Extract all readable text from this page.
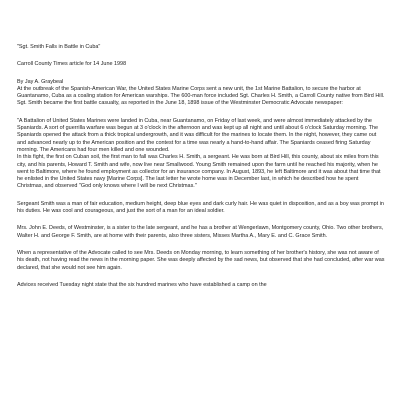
"Sgt. Smith Falls in Battle in Cuba"

Carroll County Times article for 14 June 1998

By Jay A. Graybeal

At the outbreak of the Spanish-American War, the United States Marine Corps sent a new unit, the 1st Marine Battalion, to secure the harbor at Guantanamo, Cuba as a coaling station for American warships. The 600-man force included Sgt. Charles H. Smith, a Carroll County native from Bird Hill. Sgt. Smith became the first battle casualty, as reported in the June 18, 1898 issue of the Westminster Democratic Advocate newspaper:

"A Battalion of United States Marines were landed in Cuba, near Guantanamo, on Friday of last week, and were almost immediately attacked by the Spaniards. A sort of guerrilla warfare was begun at 3 o'clock in the afternoon and was kept up all night and until about 6 o'clock Saturday morning. The Spaniards opened the attack from a thick tropical undergrowth, and it was difficult for the marines to locate them. In the night, however, they came out and advanced nearly up to the American position and the contest for a time was nearly a hand-to-hand affair. The Spaniards ceased firing Saturday morning. The Americans had four men killed and one wounded.

In this fight, the first on Cuban soil, the first man to fall was Charles H. Smith, a sergeant. He was born at Bird Hill, this county, about six miles from this city, and his parents, Howard T. Smith and wife, now live near Smallwood. Young Smith remained upon the farm until he reached his majority, when he went to Baltimore, where he found employment as collector for an insurance company. In August, 1893, he left Baltimore and it was about that time that he enlisted in the United States navy [Marine Corps]. The last letter he wrote home was in December last, in which he described how he spent Christmas, and observed "God only knows where I will be next Christmas."

Sergeant Smith was a man of fair education, medium height, deep blue eyes and dark curly hair. He was quiet in disposition, and as a boy was prompt in his duties. He was cool and courageous, and just the sort of a man for an ideal soldier.

Mrs. John E. Deeds, of Westminster, is a sister to the late sergeant, and he has a brother at Wengerlawn, Montgomery county, Ohio. Two other brothers, Walter H. and George F. Smith, are at home with their parents, also three sisters, Misses Martha A., Mary E. and C. Grace Smith.

When a representative of the Advocate called to see Mrs. Deeds on Monday morning, to learn something of her brother's history, she was not aware of his death, not having read the news in the morning paper. She was deeply affected by the sad news, but observed that she had concluded, after war was declared, that she would not see him again.

Advices received Tuesday night state that the six hundred marines who have established a camp on the
